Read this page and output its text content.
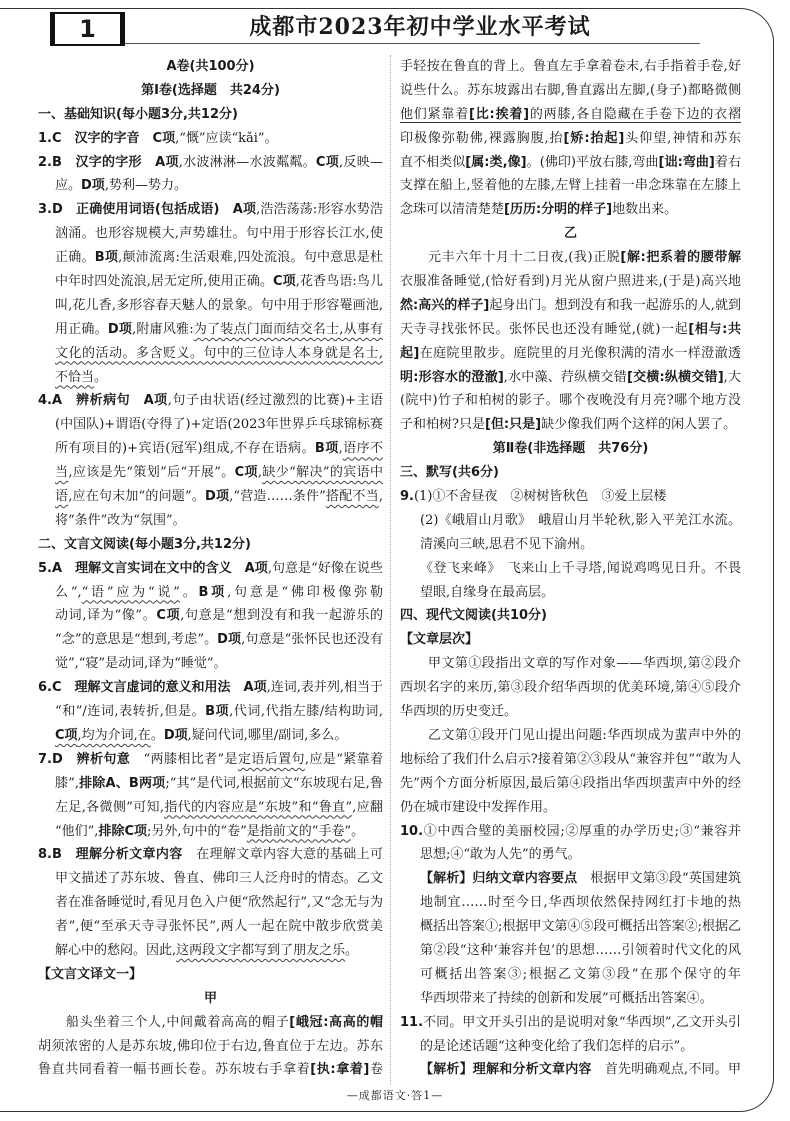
1	成都市2023年初中学业水平考试
A卷(共100分)
第Ⅰ卷(选择题　共24分)
一、基础知识(每小题3分,共12分)
1.C　汉字的字音　C项,“慨”应读“kǎi”。
2.B　汉字的字形　A项,水波淋淋—水波粼粼。C项,反映—
应。D项,势利—势力。
3.D　正确使用词语(包括成语)　A项,浩浩荡荡:形容水势浩
汹涌。也形容规模大,声势雄壮。句中用于形容长江水,使
正确。B项,颠沛流离:生活艰难,四处流浪。句中意思是杜
中年时四处流浪,居无定所,使用正确。C项,花香鸟语:鸟儿
叫,花儿香,多形容春天魅人的景象。句中用于形容罨画池,
用正确。D项,附庸风雅:为了装点门面而结交名士,从事有
文化的活动。多含贬义。句中的三位诗人本身就是名士,
不恰当。
4.A　辨析病句　A项,句子由状语(经过激烈的比赛)+主语
(中国队)+谓语(夺得了)+定语(2023年世界乒乓球锦标赛
所有项目的)+宾语(冠军)组成,不存在语病。B项,语序不
当,应该是先“策划”后“开展”。C项,缺少“解决”的宾语中
语,应在句末加“的问题”。D项,“营造……条件”搭配不当,
将“条件”改为“氛围”。
二、文言文阅读(每小题3分,共12分)
5.A　理解文言实词在文中的含义　A项,句意是“好像在说些
么”,“语”应为“说”。B项,句意是“佛印极像弥勒
动词,译为“像”。C项,句意是“想到没有和我一起游乐的
“念”的意思是“想到,考虑”。D项,句意是“张怀民也还没有
觉”,“寝”是动词,译为“睡觉”。
6.C　理解文言虚词的意义和用法　A项,连词,表并列,相当于
“和”/连词,表转折,但是。B项,代词,代指左膝/结构助词,
C项,均为介词,在。D项,疑问代词,哪里/副词,多么。
7.D　辨析句意　“两膝相比者”是定语后置句,应是“紧靠着
膝”,排除A、B两项;“其”是代词,根据前文“东坡现右足,鲁
左足,各微侧”可知,指代的内容应是“东坡”和“鲁直”,应翻
“他们”,排除C项;另外,句中的“卷”是指前文的“手卷”。
8.B　理解分析文章内容　在理解文章内容大意的基础上可
甲文描述了苏东坡、鲁直、佛印三人泛舟时的情态。乙文
者在准备睡觉时,看见月色入户便“欣然起行”,又“念无与为
者”,便“至承天寺寻张怀民”,两人一起在院中散步欣赏美
解心中的愁闷。因此,这两段文字都写到了朋友之乐。
【文言文译文一】
甲
船头坐着三个人,中间戴着高高的帽子[峨冠:高高的帽
胡须浓密的人是苏东坡,佛印位于右边,鲁直位于左边。苏东
鲁直共同看着一幅书画长卷。苏东坡右手拿着[执:拿着]卷
手轻按在鲁直的背上。鲁直左手拿着卷末,右手指着手卷,好
说些什么。苏东坡露出右脚,鲁直露出左脚,(身子)都略微侧
他们紧靠着[比:挨着]的两膝,各自隐藏在手卷下边的衣褶
印极像弥勒佛,裸露胸腹,抬[矫:抬起]头仰望,神情和苏东
直不相类似[属:类,像]。(佛印)平放右膝,弯曲[诎:弯曲]着右
支撑在船上,竖着他的左膝,左臂上挂着一串念珠靠在左膝上
念珠可以清清楚楚[历历:分明的样子]地数出来。
乙
元丰六年十月十二日夜,(我)正脱[解:把系着的腰带解
衣服准备睡觉,(恰好看到)月光从窗户照进来,(于是)高兴地
然:高兴的样子]起身出门。想到没有和我一起游乐的人,就到
天寺寻找张怀民。张怀民也还没有睡觉,(就)一起[相与:共
起]在庭院里散步。庭院里的月光像积满的清水一样澄澈透
明:形容水的澄澈],水中藻、荇纵横交错[交横:纵横交错],大
(院中)竹子和柏树的影子。哪个夜晚没有月亮?哪个地方没
子和柏树?只是[但:只是]缺少像我们两个这样的闲人罢了。
第Ⅱ卷(非选择题　共76分)
三、默写(共6分)
9.(1)①不舍昼夜　②树树皆秋色　③爱上层楼
(2)《峨眉山月歌》　峨眉山月半轮秋,影入平羌江水流。
清溪向三峡,思君不见下渝州。
《登飞来峰》　飞来山上千寻塔,闻说鸡鸣见日升。不畏
望眼,自缘身在最高层。
四、现代文阅读(共10分)
【文章层次】
甲文第①段指出文章的写作对象——华西坝,第②段介
西坝名字的来历,第③段介绍华西坝的优美环境,第④⑤段介
华西坝的历史变迁。
乙文第①段开门见山提出问题:华西坝成为蜚声中外的
地标给了我们什么启示?接着第②③段从“兼容并包”“敢为人
先”两个方面分析原因,最后第④段指出华西坝蜚声中外的经
仍在城市建设中发挥作用。
10.①中西合璧的美丽校园;②厚重的办学历史;③“兼容并
思想;④“敢为人先”的勇气。
【解析】归纳文章内容要点　根据甲文第③段“英国建筑
地制宜……时至今日,华西坝依然保持网红打卡地的热
概括出答案①;根据甲文第④⑤段可概括出答案②;根据乙
第②段“这种‘兼容并包’的思想……引领着时代文化的风
可概括出答案③;根据乙文第③段“在那个保守的年
华西坝带来了持续的创新和发展”可概括出答案④。
11.不同。甲文开头引出的是说明对象“华西坝”,乙文开头引
的是论述话题“这种变化给了我们怎样的启示”。
【解析】理解和分析文章内容　首先明确观点,不同。甲
—成都语文·答1—
